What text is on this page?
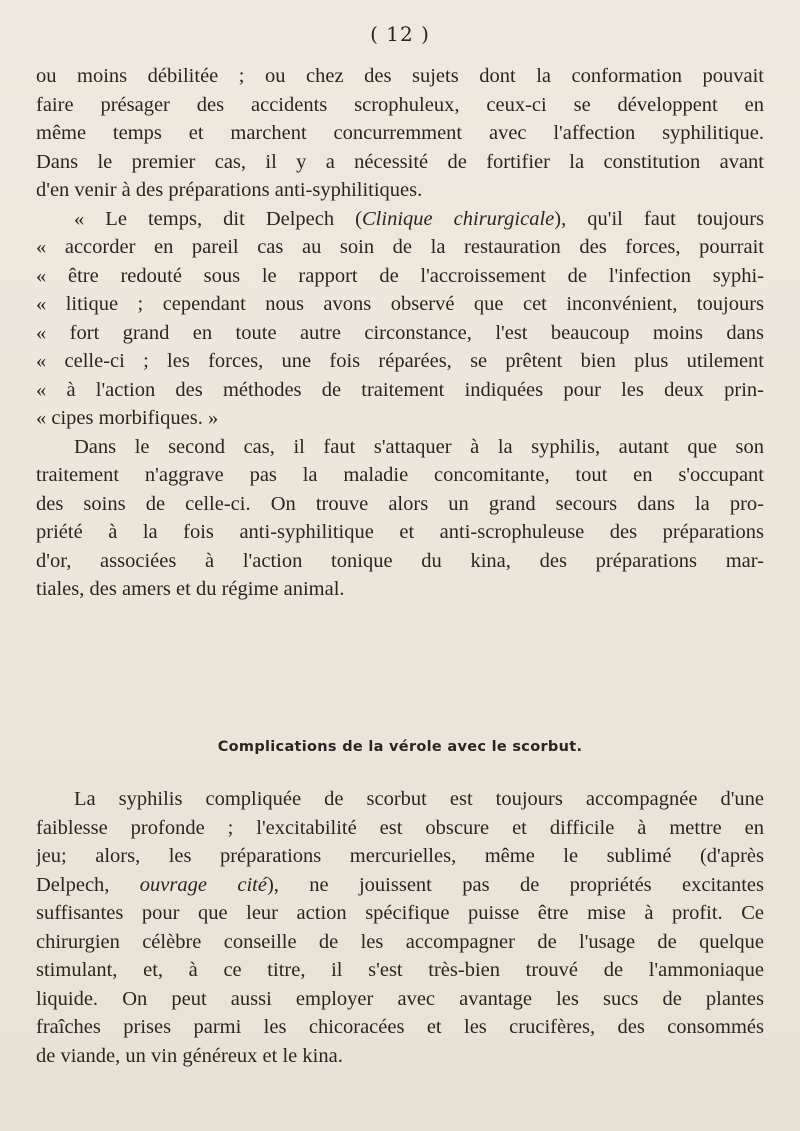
( 12 )
ou moins débilitée ; ou chez des sujets dont la conformation pouvait
faire présager des accidents scrophuleux, ceux-ci se développent en
même temps et marchent concurremment avec l'affection syphilitique.
Dans le premier cas, il y a nécessité de fortifier la constitution avant
d'en venir à des préparations anti-syphilitiques.
« Le temps, dit Delpech (Clinique chirurgicale), qu'il faut toujours
« accorder en pareil cas au soin de la restauration des forces, pourrait
« être redouté sous le rapport de l'accroissement de l'infection syphi-
« litique ; cependant nous avons observé que cet inconvénient, toujours
« fort grand en toute autre circonstance, l'est beaucoup moins dans
« celle-ci ; les forces, une fois réparées, se prêtent bien plus utilement
« à l'action des méthodes de traitement indiquées pour les deux prin-
« cipes morbifiques. »
Dans le second cas, il faut s'attaquer à la syphilis, autant que son
traitement n'aggrave pas la maladie concomitante, tout en s'occupant
des soins de celle-ci. On trouve alors un grand secours dans la pro-
priété à la fois anti-syphilitique et anti-scrophuleuse des préparations
d'or, associées à l'action tonique du kina, des préparations mar-
tiales, des amers et du régime animal.
Complications de la vérole avec le scorbut.
La syphilis compliquée de scorbut est toujours accompagnée d'une
faiblesse profonde ; l'excitabilité est obscure et difficile à mettre en
jeu; alors, les préparations mercurielles, même le sublimé (d'après
Delpech, ouvrage cité), ne jouissent pas de propriétés excitantes
suffisantes pour que leur action spécifique puisse être mise à profit. Ce
chirurgien célèbre conseille de les accompagner de l'usage de quelque
stimulant, et, à ce titre, il s'est très-bien trouvé de l'ammoniaque
liquide. On peut aussi employer avec avantage les sucs de plantes
fraîches prises parmi les chicoracées et les crucifères, des consommés
de viande, un vin généreux et le kina.
